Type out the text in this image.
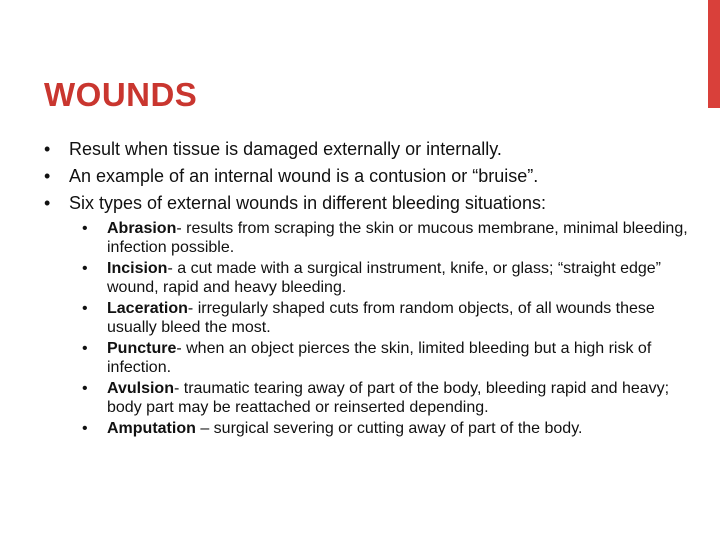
WOUNDS
• Result when tissue is damaged externally or internally.
• An example of an internal wound is a contusion or “bruise”.
• Six types of external wounds in different bleeding situations:
• Abrasion- results from scraping the skin or mucous membrane, minimal bleeding, infection possible.
• Incision- a cut made with a surgical instrument, knife, or glass; “straight edge” wound, rapid and heavy bleeding.
• Laceration- irregularly shaped cuts from random objects, of all wounds these usually bleed the most.
• Puncture- when an object pierces the skin, limited bleeding but a high risk of infection.
• Avulsion- traumatic tearing away of part of the body, bleeding rapid and heavy; body part may be reattached or reinserted depending.
• Amputation – surgical severing or cutting away of part of the body.
